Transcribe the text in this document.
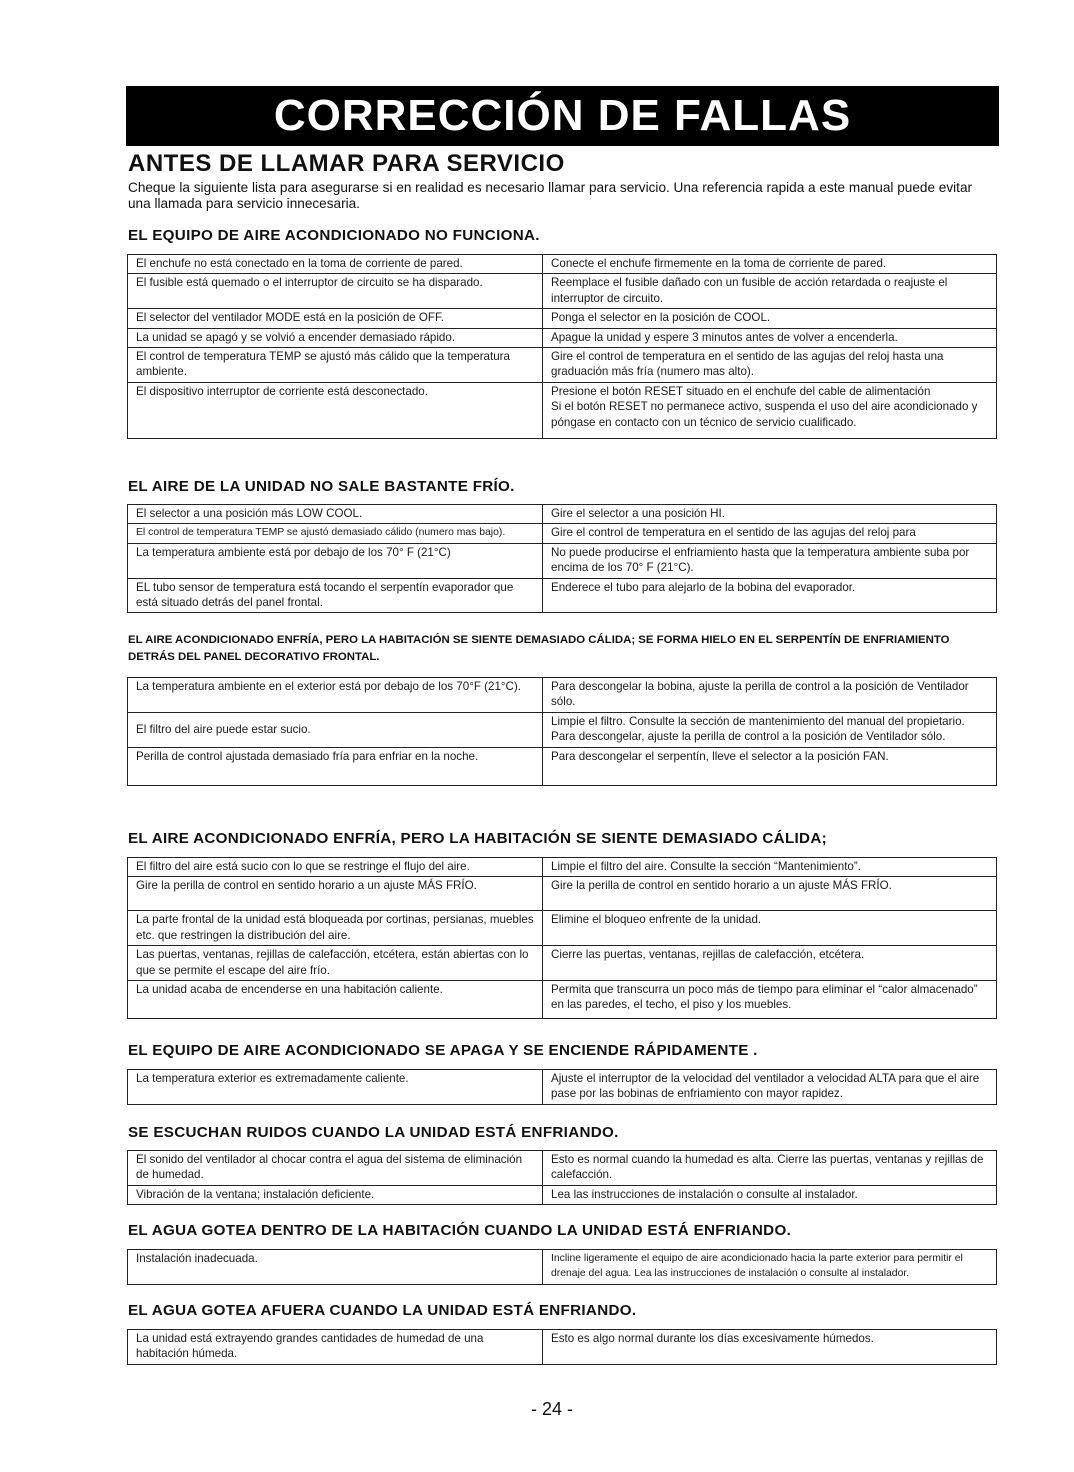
CORRECCIÓN DE FALLAS
ANTES DE LLAMAR PARA SERVICIO

Cheque la siguiente lista para asegurarse si en realidad es necesario llamar para servicio. Una referencia rapida a este manual puede evitar una llamada para servicio innecesaria.

EL EQUIPO DE AIRE ACONDICIONADO NO FUNCIONA.
El enchufe no está conectado en la toma de corriente de pared.	Conecte el enchufe firmemente en la toma de corriente de pared.
El fusible está quemado o el interruptor de circuito se ha disparado.	Reemplace el fusible dañado con un fusible de acción retardada o reajuste el interruptor de circuito.
El selector del ventilador MODE está en la posición de OFF.	Ponga el selector en la posición de COOL.
La unidad se apagó y se volvió a encender demasiado rápido.	Apague la unidad y espere 3 minutos antes de volver a encenderla.
El control de temperatura TEMP se ajustó más cálido que la temperatura ambiente.	Gire el control de temperatura en el sentido de las agujas del reloj hasta una graduación más fría (numero mas alto).
El dispositivo interruptor de corriente está desconectado.	Presione el botón RESET situado en el enchufe del cable de alimentación
Si el botón RESET no permanece activo, suspenda el uso del aire acondicionado y póngase en contacto con un técnico de servicio cualificado.
EL AIRE DE LA UNIDAD NO SALE BASTANTE FRÍO.
El selector a una posición más LOW COOL.	Gire el selector a una posición HI.
El control de temperatura TEMP se ajustó demasiado cálido (numero mas bajo).	Gire el control de temperatura en el sentido de las agujas del reloj para
La temperatura ambiente está por debajo de los 70° F (21°C)	No puede producirse el enfriamiento hasta que la temperatura ambiente suba por encima de los 70° F (21°C).
EL tubo sensor de temperatura está tocando el serpentín evaporador que está situado detrás del panel frontal.	Enderece el tubo para alejarlo de la bobina del evaporador.
EL AIRE ACONDICIONADO ENFRÍA, PERO LA HABITACIÓN SE SIENTE DEMASIADO CÁLIDA; SE FORMA HIELO EN EL SERPENTÍN DE ENFRIAMIENTO DETRÁS DEL PANEL DECORATIVO FRONTAL.
La temperatura ambiente en el exterior está por debajo de los 70°F (21°C).	Para descongelar la bobina, ajuste la perilla de control a la posición de Ventilador sólo.
El filtro del aire puede estar sucio.	Limpie el filtro. Consulte la sección de mantenimiento del manual del propietario. Para descongelar, ajuste la perilla de control a la posición de Ventilador sólo.
Perilla de control ajustada demasiado fría para enfriar en la noche.	Para descongelar el serpentín, lleve el selector a la posición FAN.
EL AIRE ACONDICIONADO ENFRÍA, PERO LA HABITACIÓN SE SIENTE DEMASIADO CÁLIDA;
El filtro del aire está sucio con lo que se restringe el flujo del aire.	Limpie el filtro del aire. Consulte la sección “Mantenimiento”.
Gire la perilla de control en sentido horario a un ajuste MÁS FRÍO.	Gire la perilla de control en sentido horario a un ajuste MÁS FRÍO.
La parte frontal de la unidad está bloqueada por cortinas, persianas, muebles etc. que restringen la distribución del aire.	Elimine el bloqueo enfrente de la unidad.
Las puertas, ventanas, rejillas de calefacción, etcétera, están abiertas con lo que se permite el escape del aire frío.	Cierre las puertas, ventanas, rejillas de calefacción, etcétera.
La unidad acaba de encenderse en una habitación caliente.	Permita que transcurra un poco más de tiempo para eliminar el “calor almacenado” en las paredes, el techo, el piso y los muebles.
EL EQUIPO DE AIRE ACONDICIONADO SE APAGA Y SE ENCIENDE RÁPIDAMENTE .
La temperatura exterior es extremadamente caliente.	Ajuste el interruptor de la velocidad del ventilador a velocidad ALTA para que el aire pase por las bobinas de enfriamiento con mayor rapidez.
SE ESCUCHAN RUIDOS CUANDO LA UNIDAD ESTÁ ENFRIANDO.
El sonido del ventilador al chocar contra el agua del sistema de eliminación de humedad.	Esto es normal cuando la humedad es alta. Cierre las puertas, ventanas y rejillas de calefacción.
Vibración de la ventana; instalación deficiente.	Lea las instrucciones de instalación o consulte al instalador.
EL AGUA GOTEA DENTRO DE LA HABITACIÓN CUANDO LA UNIDAD ESTÁ ENFRIANDO.
Instalación inadecuada.	Incline ligeramente el equipo de aire acondicionado hacia la parte exterior para permitir el drenaje del agua. Lea las instrucciones de instalación o consulte al instalador.
EL AGUA GOTEA AFUERA CUANDO LA UNIDAD ESTÁ ENFRIANDO.
La unidad está extrayendo grandes cantidades de humedad de una habitación húmeda.	Esto es algo normal durante los días excesivamente húmedos.
- 24 -
